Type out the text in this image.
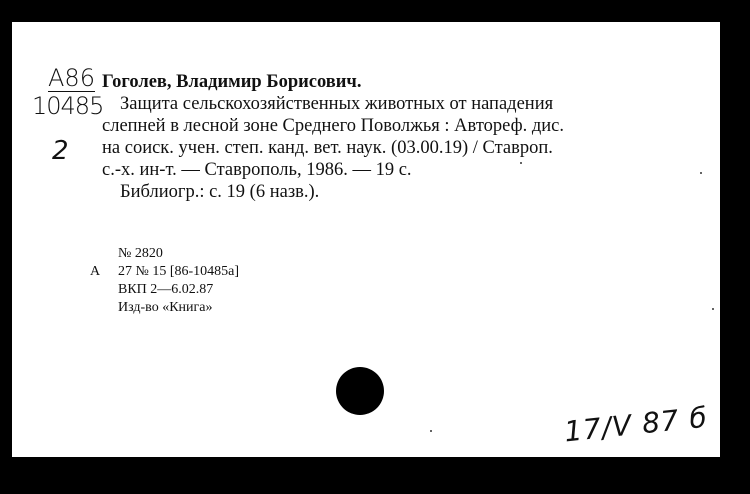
A86
10485
2
Гоголев, Владимир Борисович.
Защита сельскохозяйственных животных от нападения
слепней в лесной зоне Среднего Поволжья : Автореф. дис.
на соиск. учен. степ. канд. вет. наук. (03.00.19) / Ставроп.
с.-х. ин-т. — Ставрополь, 1986. — 19 с.
Библиогр.: с. 19 (6 назв.).
№ 2820
А 27 № 15 [86-10485а]
ВКП 2—6.02.87
Изд-во «Книга»
17/V 87 б
